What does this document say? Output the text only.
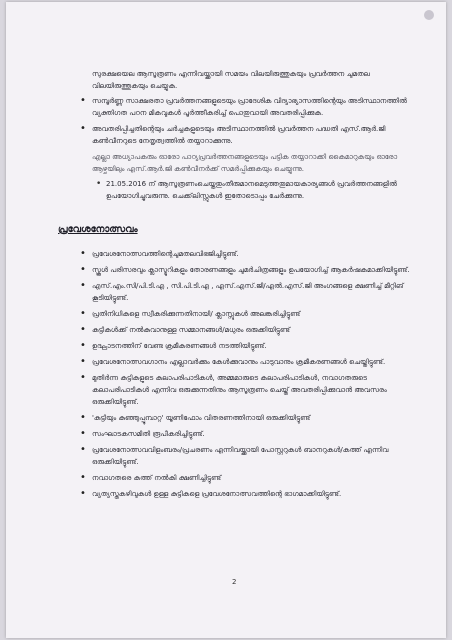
സുരക്ഷയെല ആസൂത്രണം എന്നിവയ്ക്കായി സമയം വിലയിരുത്തുകയും പ്രവർത്തന ചുമതല വിലയിരുത്തുകയും ചെയ്യുക.

• സമ്പൂർണ്ണ സാക്ഷരതാ പ്രവർത്തനങ്ങളുടെയും പ്രാദേശിക വിദ്യാഭ്യാസത്തിന്റെയും അടിസ്ഥാനത്തിൽ വ്യക്തിഗത പഠന മികവുകൾ പൂർത്തീകരിച്ച് പൊതുവായി അവതരിപ്പിക്കുക.
• അവതരിപ്പിച്ചതിന്റെയും ചർച്ചകളുടെയും അടിസ്ഥാനത്തിൽ പ്രവർത്തന പദ്ധതി എസ്.ആർ.ജി കൺവീനറുടെ നേതൃത്വത്തിൽ തയ്യാറാക്കുന്നു.

എല്ലാ അധ്യാപകരും ഓരോ പാഠ്യപ്രവർത്തനങ്ങളുടെയും പട്ടിക തയ്യാറാക്കി കൈമാറുകയും ഓരോ ആഴ്ചയിലും എസ്.ആർ.ജി കൺവീനർക്ക് സമർപ്പിക്കുകയും ചെയ്യുന്നു.

• 21.05.2016 ന് ആസൂത്രണംചെയ്തതുംതീരുമാനമെടുത്തതുമായകാര്യങ്ങൾ പ്രവർത്തനങ്ങളിൽ ഉപയോഗിച്ചുവരുന്നു. ചെക്ക്‌ലിസ്റ്റുകൾ ഇതോടൊപ്പം ചേർക്കുന്നു.
പ്രവേശനോത്സവം
• പ്രവേശനോത്സവത്തിന്റെചുമതലവിഭജിച്ചിട്ടുണ്ട്.
• സ്കൂൾ പരിസരവും ക്ലാസ്മുറികളും തോരണങ്ങളും ചുമർചിത്രങ്ങളും ഉപയോഗിച്ച് ആകർഷകമാക്കിയിട്ടുണ്ട്.
• എസ്.എം.സി/പി.ടി.എ , സി.പി.ടി.എ , എസ്.എസ്.ജി/എൽ.എസ്.ജി അംഗങ്ങളെ ക്ഷണിച്ച് മീറ്റിങ് കൂടിയിട്ടുണ്ട്.
• പ്രതിനിധികളെ സ്വീകരിക്കുന്നതിനായി/ ക്ലാസ്സുകൾ അലങ്കരിച്ചിട്ടുണ്ട്
• കുട്ടികൾക്ക് നൽകുവാനുള്ള സമ്മാനങ്ങൾ/മധുരം ഒരുക്കിയിട്ടുണ്ട്
• ഉദ്ഘാടനത്തിന് വേണ്ട ക്രമീകരണങ്ങൾ നടത്തിയിട്ടുണ്ട്.
• പ്രവേശനോത്സവഗാനം എല്ലാവർക്കും കേൾക്കുവാനും പാടുവാനും ക്രമീകരണങ്ങൾ ചെയ്തിട്ടുണ്ട്.
• മുതിർന്ന കുട്ടികളുടെ കലാപരിപാടികൾ, അമ്മമാരുടെ കലാപരിപാടികൾ, നവാഗതരുടെ കലാപരിപാടികൾ എന്നിവ ഒരുക്കുന്നതിനും ആസൂത്രണം ചെയ്ത് അവതരിപ്പിക്കുവാൻ അവസരം ഒരുക്കിയിട്ടുണ്ട്.
• 'കുട്ടിയും കുഞ്ഞുപ്പൂമ്പാറ്റ' യൂണിഫോം വിതരണത്തിനായി ഒരുക്കിയിട്ടുണ്ട്
• സംഘാടകസമിതി രൂപീകരിച്ചിട്ടുണ്ട്.
• പ്രവേശനോത്സവവിളംബരം/പ്രചരണം എന്നിവയ്ക്കായി പോസ്റ്ററുകൾ ബാനറുകൾ/കത്ത് എന്നിവ ഒരുക്കിയിട്ടുണ്ട്.
• നവാഗതരെ കത്ത് നൽകി ക്ഷണിച്ചിട്ടുണ്ട്
• വ്യത്യസ്തകഴിവുകൾ ഉള്ള കുട്ടികളെ പ്രവേശനോത്സവത്തിന്റെ ഭാഗമാക്കിയിട്ടുണ്ട്.
2
